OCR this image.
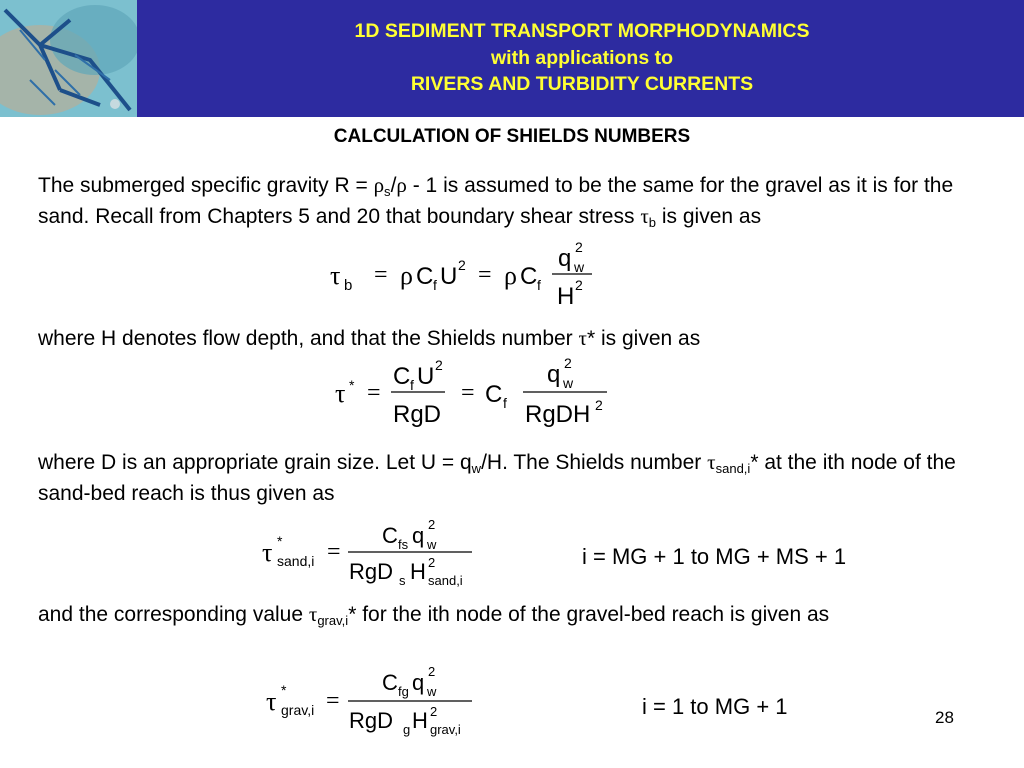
1D SEDIMENT TRANSPORT MORPHODYNAMICS
with applications to
RIVERS AND TURBIDITY CURRENTS
CALCULATION OF SHIELDS NUMBERS

The submerged specific gravity $R = \rho_s/\rho - 1$ is assumed to be the same for the gravel as it is for the sand. Recall from Chapters 5 and 20 that boundary shear stress $\tau_b$ is given as

τ b = ρ C f U 2 = ρ C f
q w
2
H 2

where H denotes flow depth, and that the Shields number τ* is given as

τ * =
C f U 2
RgD
= C f
q w
2
RgDH 2

where D is an appropriate grain size. Let $U = q_w/H$. The Shields number $\tau_{sand,i}*$ at the ith node of the sand-bed reach is thus given as

τ *
sand,i =
C fs q 2
w
RgD s H 2
sand,i
i = MG + 1 to MG + MS + 1

and the corresponding value $\tau_{grav,i}*$ for the ith node of the gravel-bed reach is given as

τ *
grav,i =
C fg q 2
w
RgD g H 2
grav,i
i = 1 to MG + 1	28
